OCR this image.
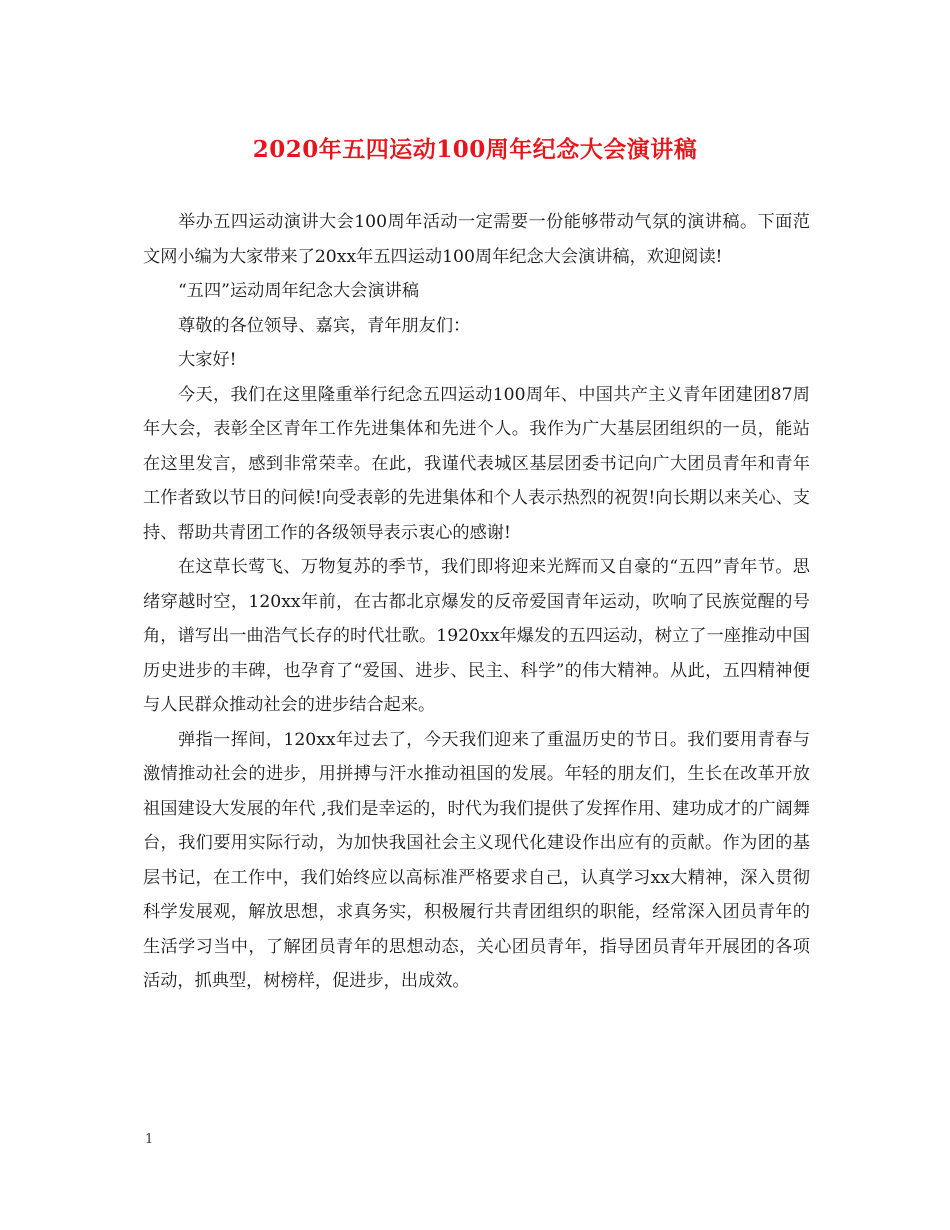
2020年五四运动100周年纪念大会演讲稿

举办五四运动演讲大会100周年活动一定需要一份能够带动气氛的演讲稿。下面范文网小编为大家带来了20xx年五四运动100周年纪念大会演讲稿，欢迎阅读!

“五四”运动周年纪念大会演讲稿

尊敬的各位领导、嘉宾，青年朋友们：

大家好!

今天，我们在这里隆重举行纪念五四运动100周年、中国共产主义青年团建团87周年大会，表彰全区青年工作先进集体和先进个人。我作为广大基层团组织的一员，能站在这里发言，感到非常荣幸。在此，我谨代表城区基层团委书记向广大团员青年和青年工作者致以节日的问候!向受表彰的先进集体和个人表示热烈的祝贺!向长期以来关心、支持、帮助共青团工作的各级领导表示衷心的感谢!

在这草长莺飞、万物复苏的季节，我们即将迎来光辉而又自豪的“五四”青年节。思绪穿越时空，120xx年前，在古都北京爆发的反帝爱国青年运动，吹响了民族觉醒的号角，谱写出一曲浩气长存的时代壮歌。1920xx年爆发的五四运动，树立了一座推动中国历史进步的丰碑，也孕育了“爱国、进步、民主、科学”的伟大精神。从此，五四精神便与人民群众推动社会的进步结合起来。

弹指一挥间，120xx年过去了，今天我们迎来了重温历史的节日。我们要用青春与激情推动社会的进步，用拼搏与汗水推动祖国的发展。年轻的朋友们，生长在改革开放祖国建设大发展的年代 ,我们是幸运的，时代为我们提供了发挥作用、建功成才的广阔舞台，我们要用实际行动，为加快我国社会主义现代化建设作出应有的贡献。作为团的基层书记，在工作中，我们始终应以高标准严格要求自己，认真学习xx大精神，深入贯彻科学发展观，解放思想，求真务实，积极履行共青团组织的职能，经常深入团员青年的生活学习当中，了解团员青年的思想动态，关心团员青年，指导团员青年开展团的各项活动，抓典型，树榜样，促进步，出成效。

1
